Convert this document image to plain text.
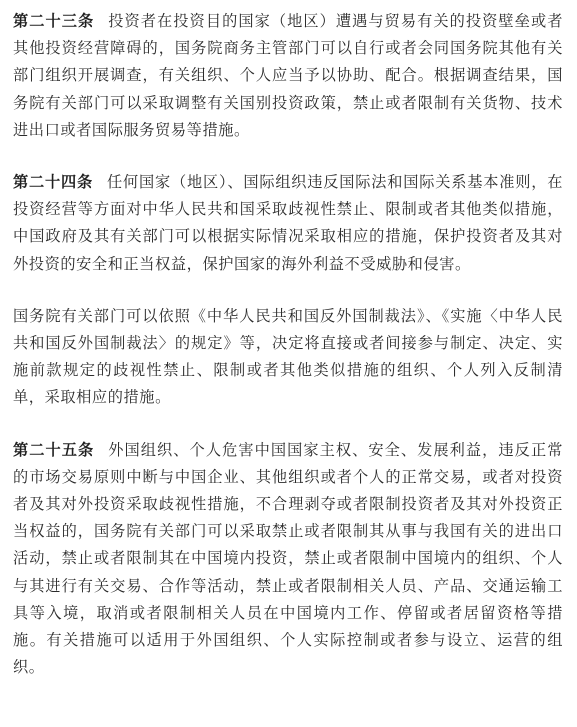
第二十三条 投资者在投资目的国家（地区）遭遇与贸易有关的投资壁垒或者其他投资经营障碍的，国务院商务主管部门可以自行或者会同国务院其他有关部门组织开展调查，有关组织、个人应当予以协助、配合。根据调查结果，国务院有关部门可以采取调整有关国别投资政策，禁止或者限制有关货物、技术进出口或者国际服务贸易等措施。

第二十四条 任何国家（地区）、国际组织违反国际法和国际关系基本准则，在投资经营等方面对中华人民共和国采取歧视性禁止、限制或者其他类似措施，中国政府及其有关部门可以根据实际情况采取相应的措施，保护投资者及其对外投资的安全和正当权益，保护国家的海外利益不受威胁和侵害。

国务院有关部门可以依照《中华人民共和国反外国制裁法》、《实施〈中华人民共和国反外国制裁法〉的规定》等，决定将直接或者间接参与制定、决定、实施前款规定的歧视性禁止、限制或者其他类似措施的组织、个人列入反制清单，采取相应的措施。

第二十五条 外国组织、个人危害中国国家主权、安全、发展利益，违反正常的市场交易原则中断与中国企业、其他组织或者个人的正常交易，或者对投资者及其对外投资采取歧视性措施，不合理剥夺或者限制投资者及其对外投资正当权益的，国务院有关部门可以采取禁止或者限制其从事与我国有关的进出口活动，禁止或者限制其在中国境内投资，禁止或者限制中国境内的组织、个人与其进行有关交易、合作等活动，禁止或者限制相关人员、产品、交通运输工具等入境，取消或者限制相关人员在中国境内工作、停留或者居留资格等措施。有关措施可以适用于外国组织、个人实际控制或者参与设立、运营的组织。
